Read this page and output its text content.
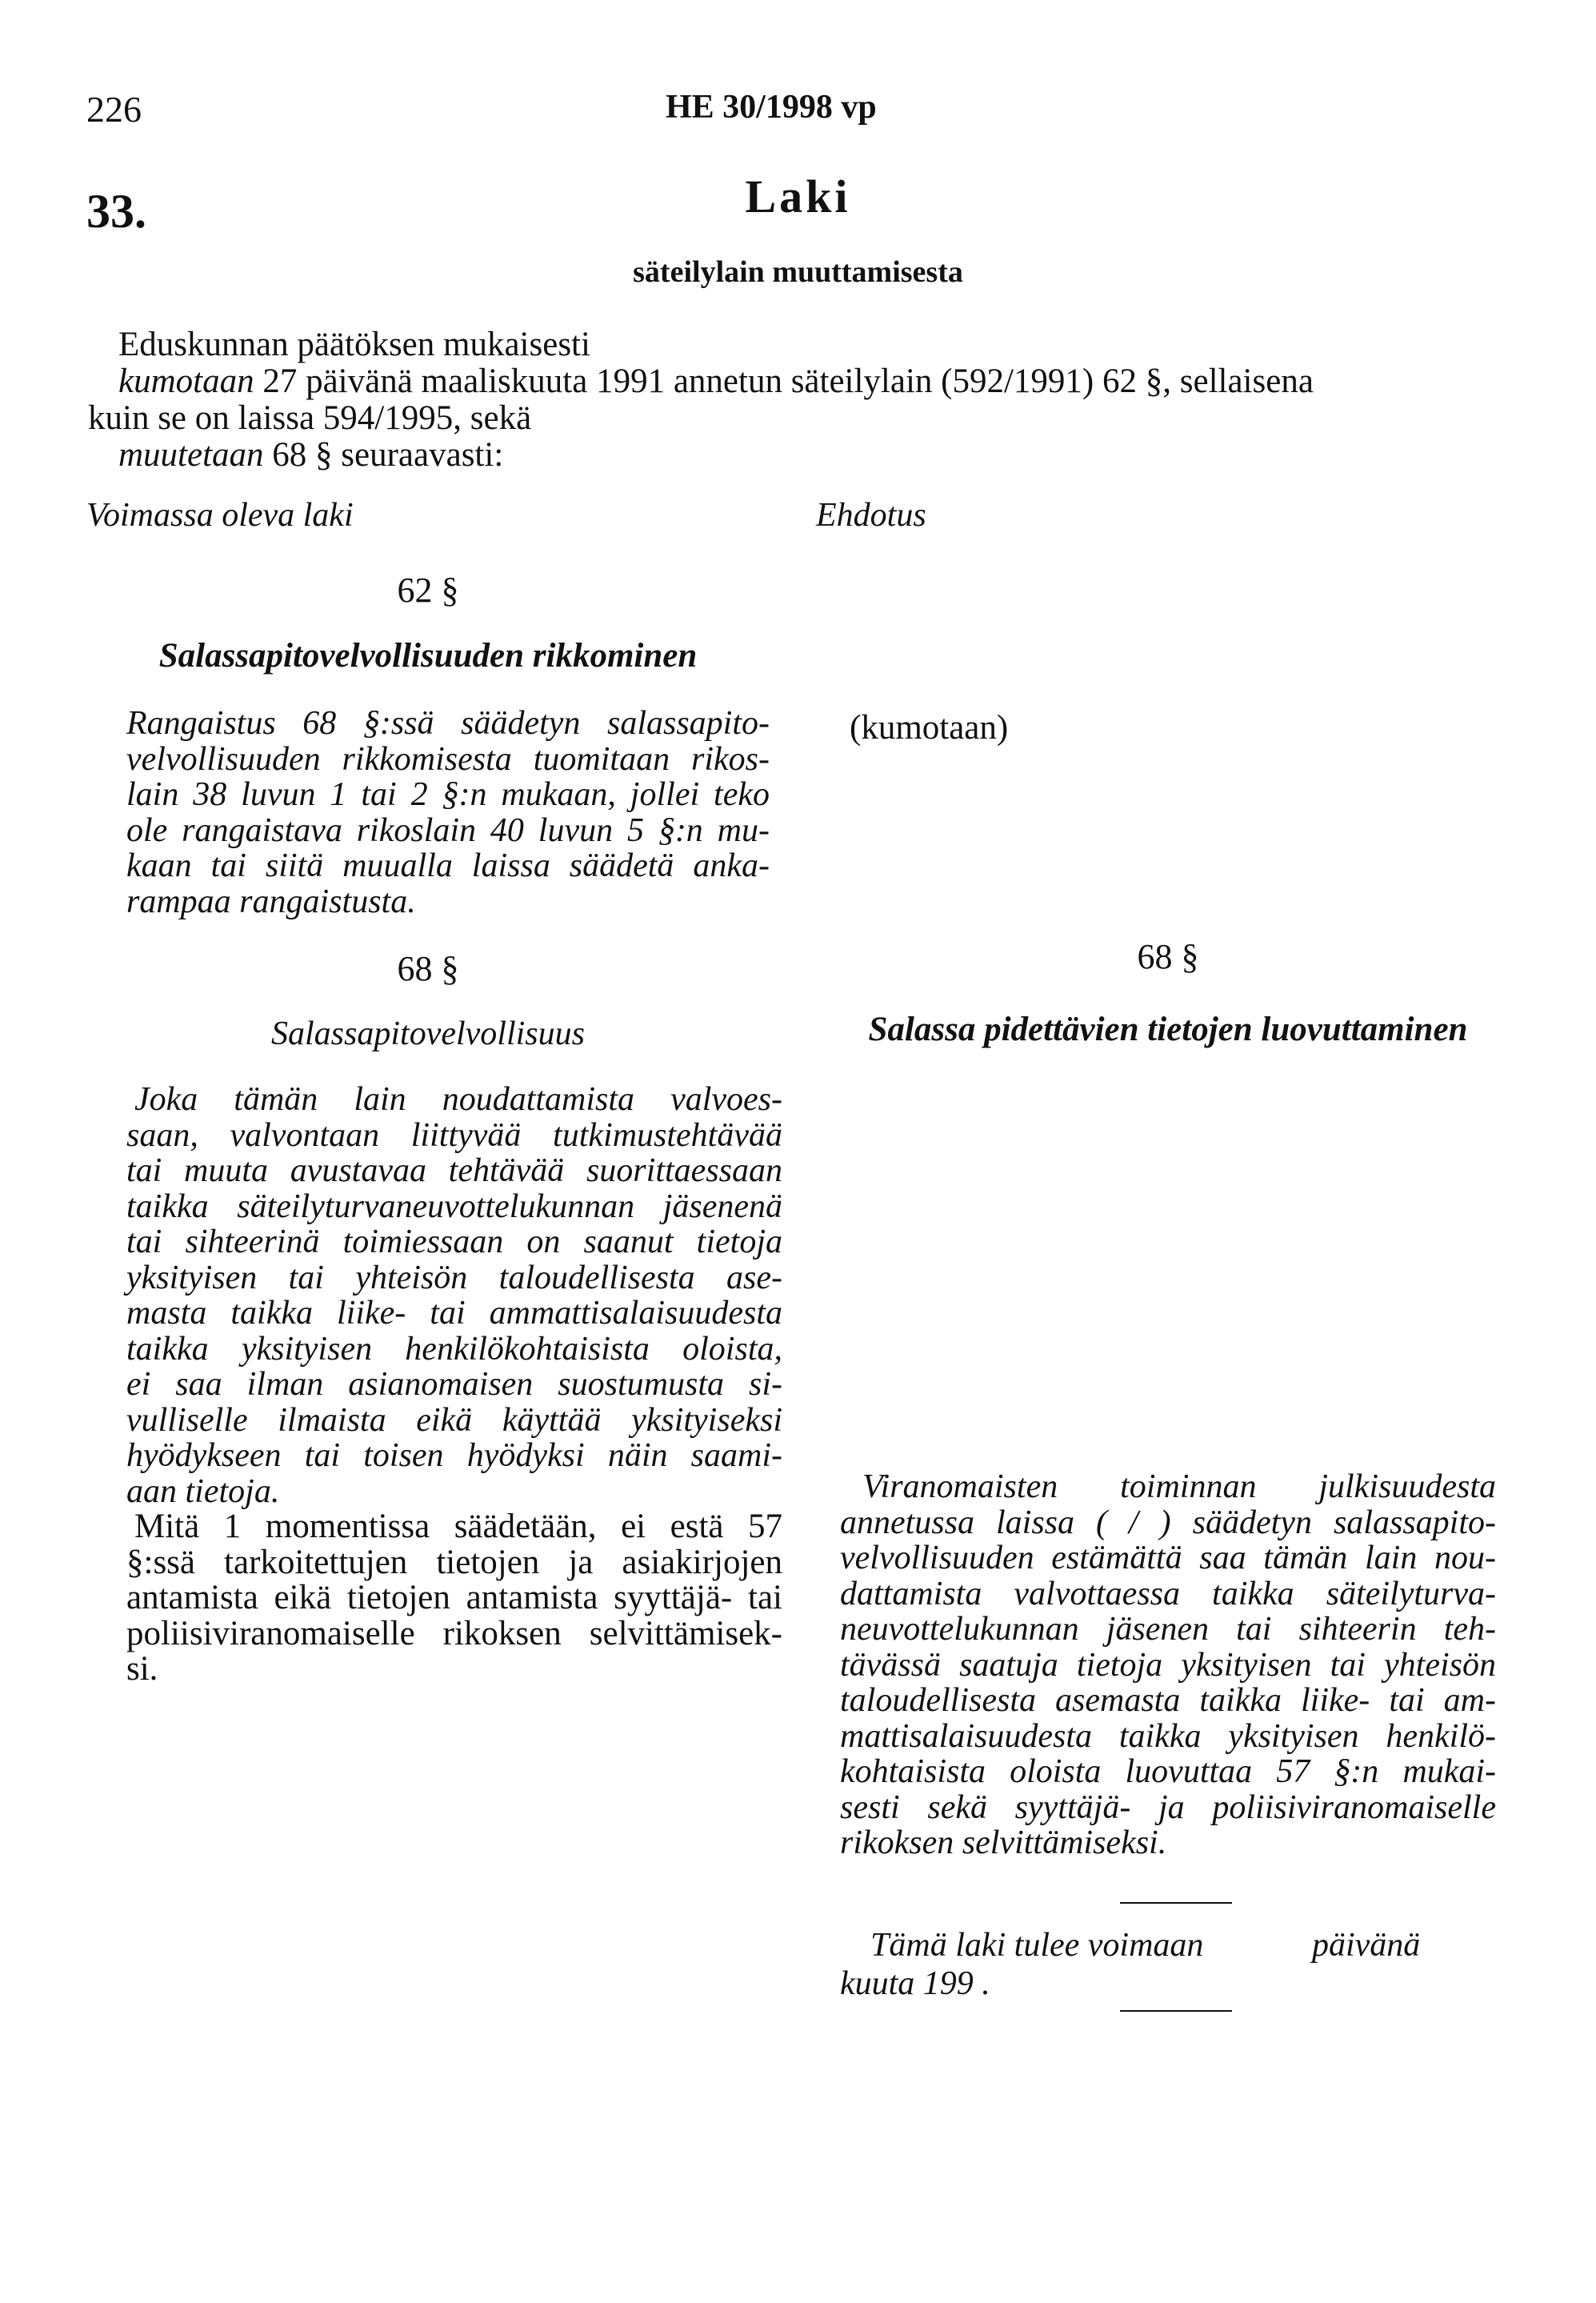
226	HE 30/1998 vp
33.	Laki
säteilylain muuttamisesta
Eduskunnan päätöksen mukaisesti
kumotaan 27 päivänä maaliskuuta 1991 annetun säteilylain (592/1991) 62 §, sellaisena
kuin se on laissa 594/1995, sekä
muutetaan 68 § seuraavasti:
Voimassa oleva laki	Ehdotus
62 §
Salassapitovelvollisuuden rikkominen
Rangaistus 68 §:ssä säädetyn salassapito-
velvollisuuden rikkomisesta tuomitaan rikos-
lain 38 luvun 1 tai 2 §:n mukaan, jollei teko
ole rangaistava rikoslain 40 luvun 5 §:n mu-
kaan tai siitä muualla laissa säädetä anka-
rampaa rangaistusta.
(kumotaan)
68 §
Salassapitovelvollisuus
Joka tämän lain noudattamista valvoes-
saan, valvontaan liittyvää tutkimustehtävää
tai muuta avustavaa tehtävää suorittaessaan
taikka säteilyturvaneuvottelukunnan jäsenenä
tai sihteerinä toimiessaan on saanut tietoja
yksityisen tai yhteisön taloudellisesta ase-
masta taikka liike- tai ammattisalaisuudesta
taikka yksityisen henkilökohtaisista oloista,
ei saa ilman asianomaisen suostumusta si-
vulliselle ilmaista eikä käyttää yksityiseksi
hyödykseen tai toisen hyödyksi näin saami-
aan tietoja.
Mitä 1 momentissa säädetään, ei estä 57
§:ssä tarkoitettujen tietojen ja asiakirjojen
antamista eikä tietojen antamista syyttäjä- tai
poliisiviranomaiselle rikoksen selvittämisek-
si.
68 §
Salassa pidettävien tietojen luovuttaminen
Viranomaisten toiminnan julkisuudesta
annetussa laissa ( / ) säädetyn salassapito-
velvollisuuden estämättä saa tämän lain nou-
dattamista valvottaessa taikka säteilyturva-
neuvottelukunnan jäsenen tai sihteerin teh-
tävässä saatuja tietoja yksityisen tai yhteisön
taloudellisesta asemasta taikka liike- tai am-
mattisalaisuudesta taikka yksityisen henkilö-
kohtaisista oloista luovuttaa 57 §:n mukai-
sesti sekä syyttäjä- ja poliisiviranomaiselle
rikoksen selvittämiseksi.
Tämä laki tulee voimaan	päivänä
kuuta 199 .
